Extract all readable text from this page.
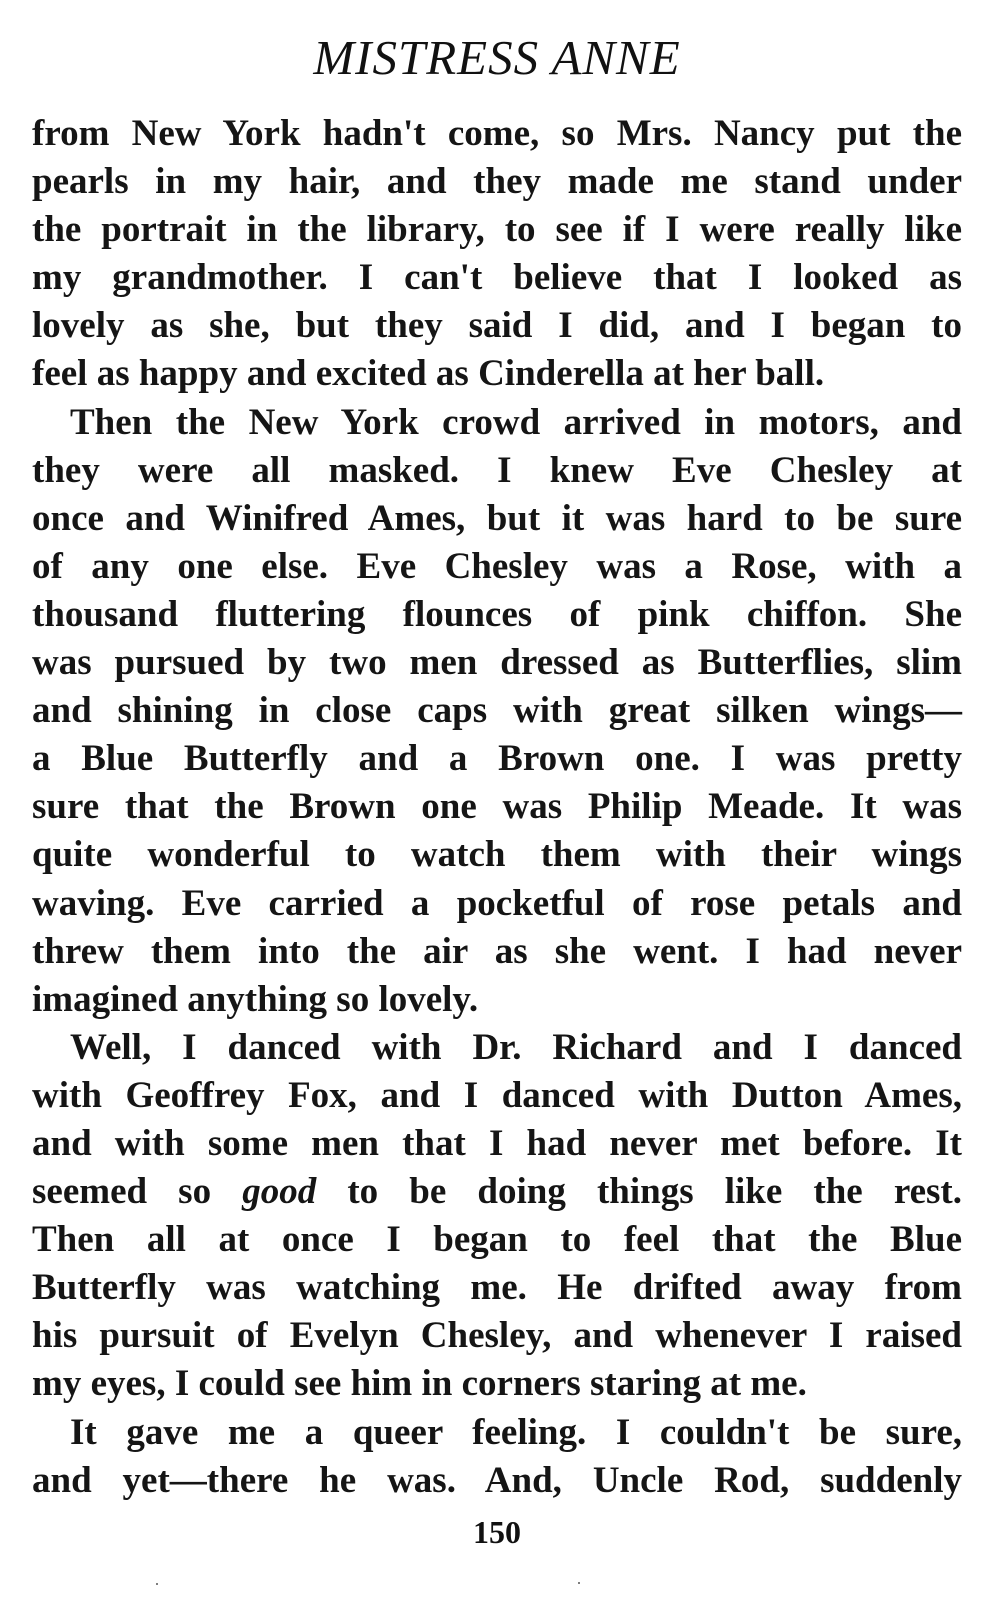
MISTRESS ANNE
from New York hadn't come, so Mrs. Nancy put the
pearls in my hair, and they made me stand under
the portrait in the library, to see if I were really like
my grandmother. I can't believe that I looked as
lovely as she, but they said I did, and I began to
feel as happy and excited as Cinderella at her ball.
Then the New York crowd arrived in motors, and
they were all masked. I knew Eve Chesley at
once and Winifred Ames, but it was hard to be sure
of any one else. Eve Chesley was a Rose, with a
thousand fluttering flounces of pink chiffon. She
was pursued by two men dressed as Butterflies, slim
and shining in close caps with great silken wings—
a Blue Butterfly and a Brown one. I was pretty
sure that the Brown one was Philip Meade. It was
quite wonderful to watch them with their wings
waving. Eve carried a pocketful of rose petals and
threw them into the air as she went. I had never
imagined anything so lovely.
Well, I danced with Dr. Richard and I danced
with Geoffrey Fox, and I danced with Dutton Ames,
and with some men that I had never met before. It
seemed so good to be doing things like the rest.
Then all at once I began to feel that the Blue
Butterfly was watching me. He drifted away from
his pursuit of Evelyn Chesley, and whenever I raised
my eyes, I could see him in corners staring at me.
It gave me a queer feeling. I couldn't be sure,
and yet—there he was. And, Uncle Rod, suddenly
150
